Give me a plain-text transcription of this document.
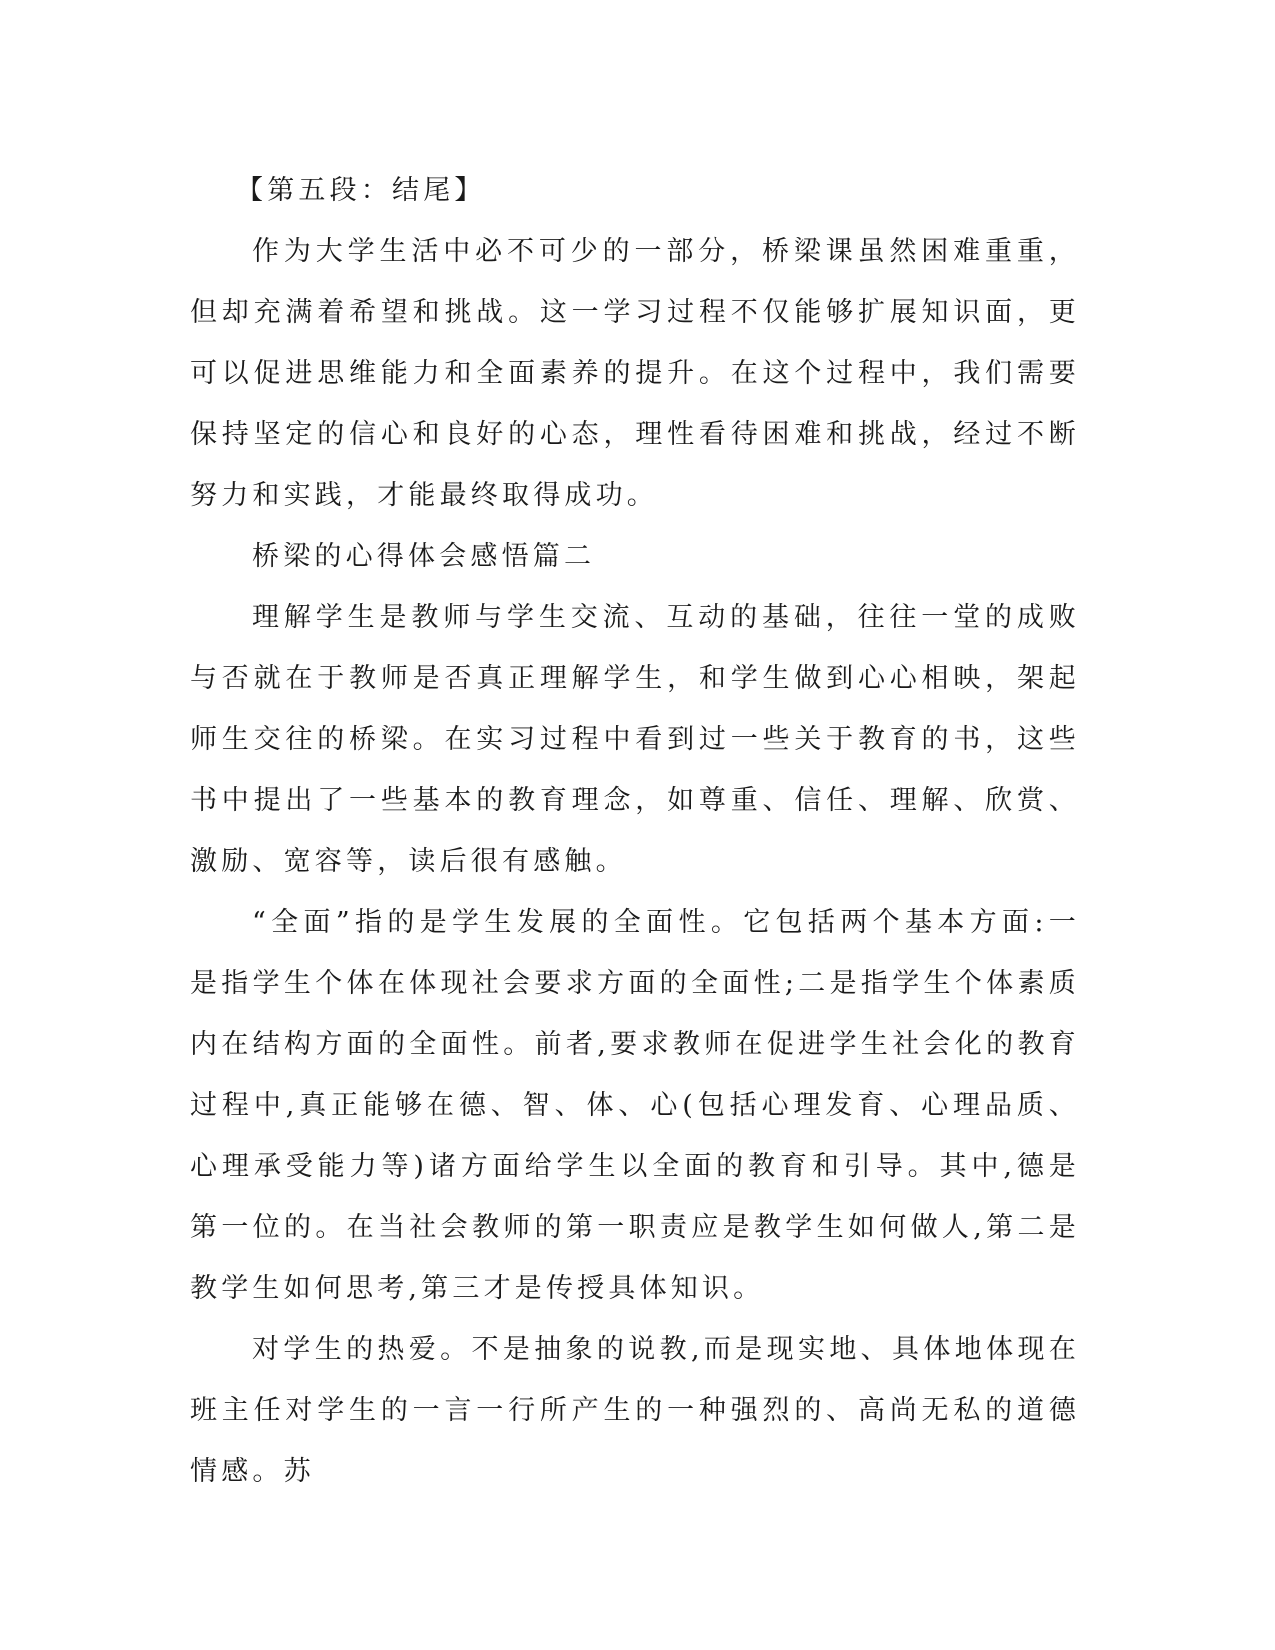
【第五段：结尾】

作为大学生活中必不可少的一部分，桥梁课虽然困难重重，但却充满着希望和挑战。这一学习过程不仅能够扩展知识面，更可以促进思维能力和全面素养的提升。在这个过程中，我们需要保持坚定的信心和良好的心态，理性看待困难和挑战，经过不断努力和实践，才能最终取得成功。

桥梁的心得体会感悟篇二

理解学生是教师与学生交流、互动的基础，往往一堂的成败与否就在于教师是否真正理解学生，和学生做到心心相映，架起师生交往的桥梁。在实习过程中看到过一些关于教育的书，这些书中提出了一些基本的教育理念，如尊重、信任、理解、欣赏、激励、宽容等，读后很有感触。

“全面”指的是学生发展的全面性。它包括两个基本方面:一是指学生个体在体现社会要求方面的全面性;二是指学生个体素质内在结构方面的全面性。前者,要求教师在促进学生社会化的教育过程中,真正能够在德、智、体、心(包括心理发育、心理品质、心理承受能力等)诸方面给学生以全面的教育和引导。其中,德是第一位的。在当社会教师的第一职责应是教学生如何做人,第二是教学生如何思考,第三才是传授具体知识。

对学生的热爱。不是抽象的说教,而是现实地、具体地体现在班主任对学生的一言一行所产生的一种强烈的、高尚无私的道德情感。苏
